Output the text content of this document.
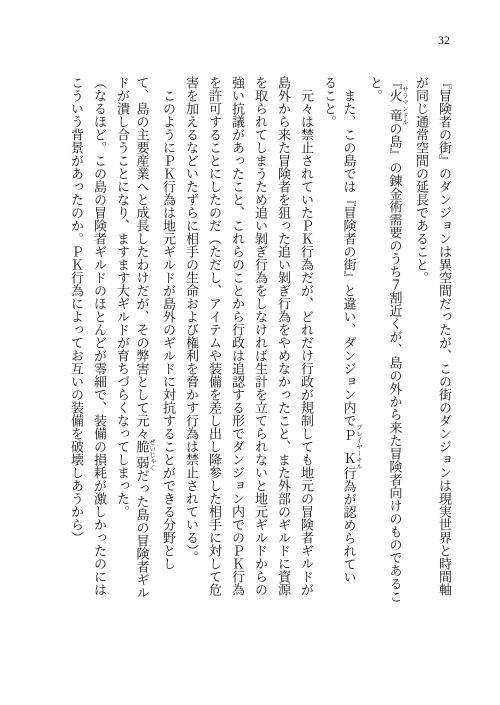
32
『冒険者の街』のダンジョンは異空間だったが、この街のダンジョンは現実世界と時間軸
が同じ通常空間の延長であること。
『火竜 サラマンドルの島』の錬金術需要のうち７割近くが、島の外から来た冒険者向けのものであるこ
と。
また、この島では『冒険者の街』と違い、ダンジョン内でＰＫ プレイヤーキル行為が認められてい
ること。
元々は禁止されていたＰＫ行為だが、どれだけ行政が規制しても地元の冒険者ギルドが
島外から来た冒険者を狙った追い剝ぎ行為をやめなかったこと、また外部のギルドに資源
を取られてしまうため追い剝ぎ行為をしなければ生計を立てられないと地元ギルドからの
強い抗議があったこと、これらのことから行政は追認する形でダンジョン内でのＰＫ行為
を許可することにしたのだ（ただし、アイテムや装備を差し出し降参した相手に対して危
害を加えるなどいたずらに相手の生命および権利を脅かす行為は禁止されている）。
このようにＰＫ行為は地元ギルドが島外のギルドに対抗することができる分野とし
て、島の主要産業へと成長したわけだが、その弊害として元々脆弱 ぜいじゃくだった島の冒険者ギル
ドが潰し合うことになり、ますます大ギルドが育ちづらくなってしまった。
（なるほど。この島の冒険者ギルドのほとんどが零細で、装備の損耗が激しかったのには
こういう背景があったのか。ＰＫ行為によってお互いの装備を破壊しあうから）
